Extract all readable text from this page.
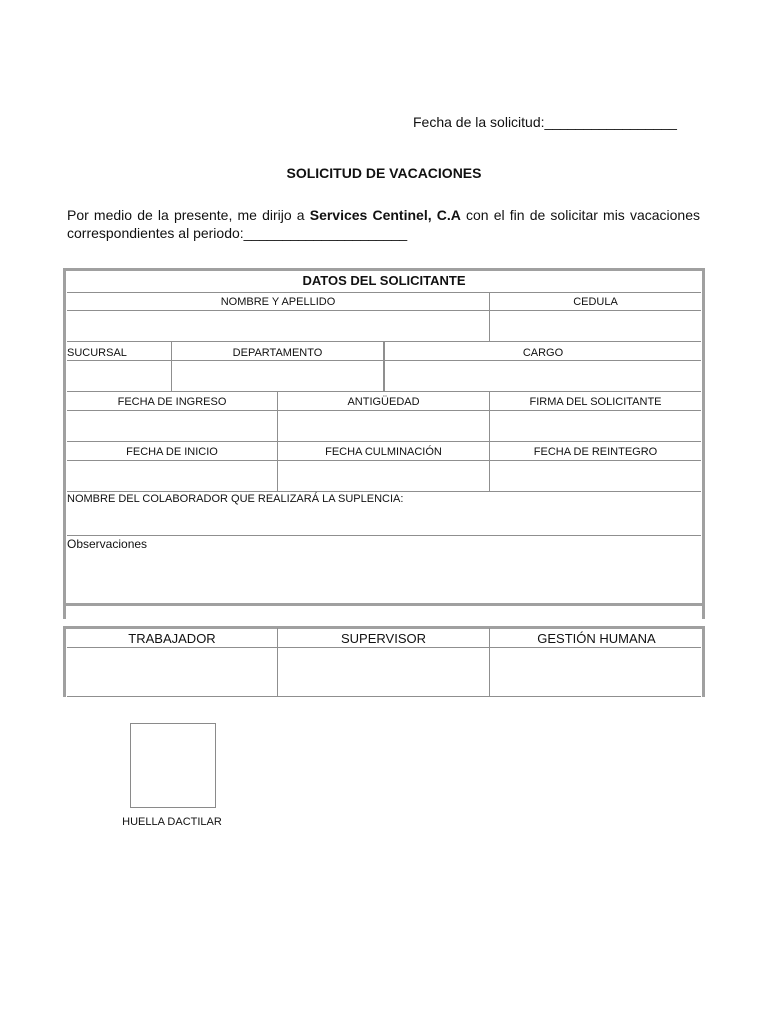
Fecha de la solicitud:_________________
SOLICITUD DE VACACIONES
Por medio de la presente, me dirijo a Services Centinel, C.A con el fin de solicitar mis vacaciones
correspondientes al periodo:_____________________
DATOS DEL SOLICITANTE
NOMBRE Y APELLIDO	CEDULA
SUCURSAL	DEPARTAMENTO	CARGO
FECHA DE INGRESO	ANTIGÜEDAD	FIRMA DEL SOLICITANTE
FECHA DE INICIO	FECHA CULMINACIÓN	FECHA DE REINTEGRO
NOMBRE DEL COLABORADOR QUE REALIZARÁ LA SUPLENCIA:
Observaciones
TRABAJADOR	SUPERVISOR	GESTIÓN HUMANA
HUELLA DACTILAR
